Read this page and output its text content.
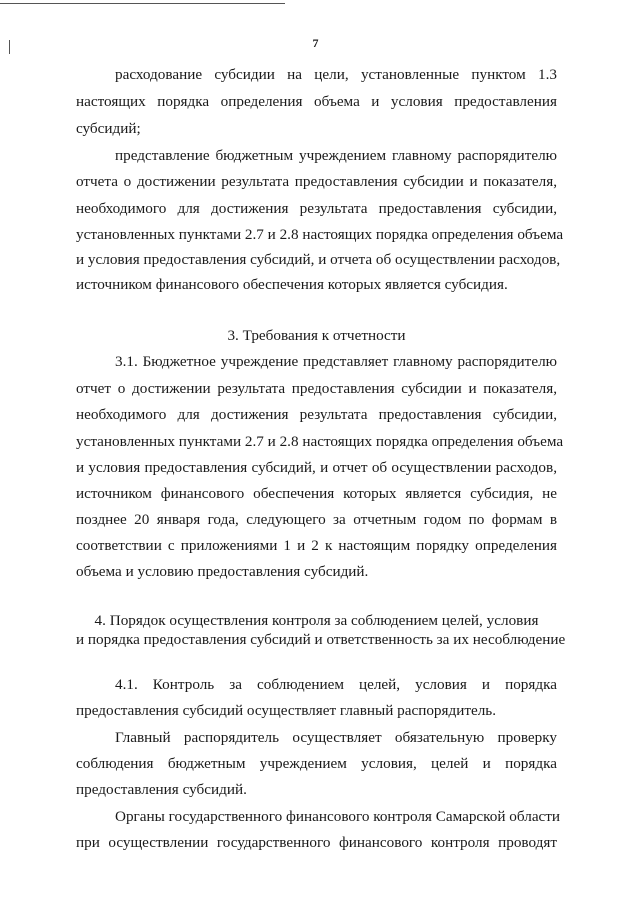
7
расходование субсидии на цели, установленные пунктом 1.3
настоящих порядка определения объема и условия предоставления
субсидий;
представление бюджетным учреждением главному распорядителю
отчета о достижении результата предоставления субсидии и показателя,
необходимого для достижения результата предоставления субсидии,
установленных пунктами 2.7 и 2.8 настоящих порядка определения объема
и условия предоставления субсидий, и отчета об осуществлении расходов,
источником финансового обеспечения которых является субсидия.
3. Требования к отчетности
3.1. Бюджетное учреждение представляет главному распорядителю
отчет о достижении результата предоставления субсидии и показателя,
необходимого для достижения результата предоставления субсидии,
установленных пунктами 2.7 и 2.8 настоящих порядка определения объема
и условия предоставления субсидий, и отчет об осуществлении расходов,
источником финансового обеспечения которых является субсидия, не
позднее 20 января года, следующего за отчетным годом по формам в
соответствии с приложениями 1 и 2 к настоящим порядку определения
объема и условию предоставления субсидий.
4. Порядок осуществления контроля за соблюдением целей, условия
и порядка предоставления субсидий и ответственность за их несоблюдение
4.1. Контроль за соблюдением целей, условия и порядка
предоставления субсидий осуществляет главный распорядитель.
Главный распорядитель осуществляет обязательную проверку
соблюдения бюджетным учреждением условия, целей и порядка
предоставления субсидий.
Органы государственного финансового контроля Самарской области
при осуществлении государственного финансового контроля проводят
